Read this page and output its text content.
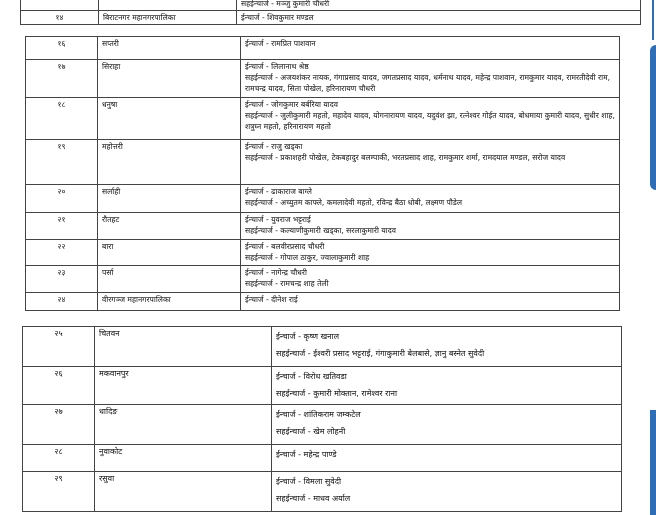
		सहईन्चार्ज - मञ्जु कुमारी चौधरी

१४	बिराटनगर महानगरपालिका	ईन्चार्ज - शिवकुमार मण्डल
१६	सप्तरी	ईन्चार्ज - रामप्रित पाशवान

१७	सिराहा	ईन्चार्ज - लिलानाथ श्रेष्ठ
सहईन्चार्ज - अजयशंकर नायक, गंगाप्रसाद यादव, जगतप्रसाद यादव, धर्मनाथ यादव, महेन्द्र पाशवान, रामकुमार यादव, रामरतीदेवी राम, रामचन्द्र यादव, सिता पोखेल, हरिनारायण चौधरी

१८	धनुषा	ईन्चार्ज - जोगकुमार बर्बरिया यादव
सहईन्चार्ज - जुलीकुमारी महतो, महादेव यादव, योगनारायण यादव, यदुवंश झा, रत्नेश्वर गोईत यादव, बोधमाया कुमारी यादव, सुधीर शाह, शत्रुघ्न महतो, हरिनारायण महतो

१९	महोत्तरी	ईन्चार्ज - राजु खड्का
सहईन्चार्ज - प्रकाशहरी पोखेल, टेकबहादुर बलम्पाकी, भरतप्रसाद शाह, रामकुमार शर्मा, रामदयाल मण्डल, सरोज यादव

२०	सर्लाही	ईन्चार्ज - ढाकाराज बाग्ले
सहईन्चार्ज - अच्युतम काफ्ले, कमलादेवी महतो, रविन्द्र बैठा धोबी, लक्ष्मण पौडेल

२१	रौतहट	ईन्चार्ज - युवराज भट्टराई
सहईन्चार्ज - कल्याणीकुमारी खड्का, सरलाकुमारी यादव

२२	बारा	ईन्चार्ज - बलवीरप्रसाद चौधरी
सहईन्चार्ज - गोपाल ठाकुर, ज्वालाकुमारी शाह

२३	पर्सा	ईन्चार्ज - नागेन्द्र चौधरी
सहईन्चार्ज - रामचन्द्र शाह तेली

२४	वीरगञ्ज महानगरपालिका	ईन्चार्ज - दीनेश राई
२५	चितवन	ईन्चार्ज - कृष्ण खनाल
सहईन्चार्ज - ईश्वरी प्रसाद भट्टराई, गंगाकुमारी बेलबासे, ज्ञानु बस्नेत सुवेदी

२६	मकवानपुर	ईन्चार्ज - विरोध खतिवडा
सहईन्चार्ज - कुमारी मोक्तान, रामेश्वर राना

२७	धादिङ	ईन्चार्ज - शांतिकराम जम्कटेल
सहईन्चार्ज - खेम लोहनी

२८	नुवाकोट	ईन्चार्ज - महेन्द्र पाण्डे

२९	रसुवा	ईन्चार्ज - विमला सुवेदी
सहईन्चार्ज - माधव अर्याल
